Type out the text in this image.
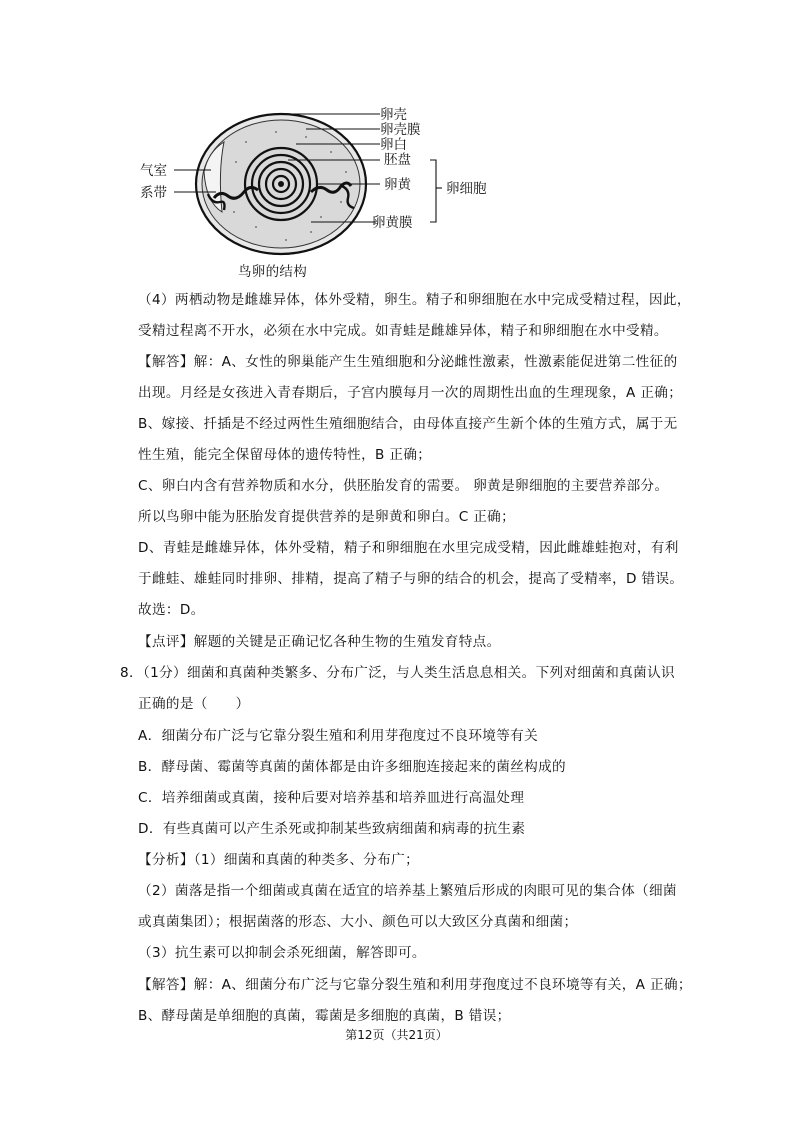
卵壳
卵壳膜
卵白
胚盘
卵黄
卵黄膜
气室
系带	卵细胞
鸟卵的结构
（4）两栖动物是雌雄异体，体外受精，卵生。精子和卵细胞在水中完成受精过程，因此，
受精过程离不开水，必须在水中完成。如青蛙是雌雄异体，精子和卵细胞在水中受精。
【解答】解：A、女性的卵巢能产生生殖细胞和分泌雌性激素，性激素能促进第二性征的
出现。月经是女孩进入青春期后，子宫内膜每月一次的周期性出血的生理现象，A 正确；
B、嫁接、扦插是不经过两性生殖细胞结合，由母体直接产生新个体的生殖方式，属于无
性生殖，能完全保留母体的遗传特性，B 正确；
C、卵白内含有营养物质和水分，供胚胎发育的需要。 卵黄是卵细胞的主要营养部分。
所以鸟卵中能为胚胎发育提供营养的是卵黄和卵白。C 正确；
D、青蛙是雌雄异体，体外受精，精子和卵细胞在水里完成受精，因此雌雄蛙抱对，有利
于雌蛙、雄蛙同时排卵、排精，提高了精子与卵的结合的机会，提高了受精率，D 错误。
故选：D。
【点评】解题的关键是正确记忆各种生物的生殖发育特点。
8．（1分）细菌和真菌种类繁多、分布广泛，与人类生活息息相关。下列对细菌和真菌认识
正确的是（　　）
A．细菌分布广泛与它靠分裂生殖和利用芽孢度过不良环境等有关
B．酵母菌、霉菌等真菌的菌体都是由许多细胞连接起来的菌丝构成的
C．培养细菌或真菌，接种后要对培养基和培养皿进行高温处理
D．有些真菌可以产生杀死或抑制某些致病细菌和病毒的抗生素
【分析】（1）细菌和真菌的种类多、分布广；
（2）菌落是指一个细菌或真菌在适宜的培养基上繁殖后形成的肉眼可见的集合体（细菌
或真菌集团）；根据菌落的形态、大小、颜色可以大致区分真菌和细菌；
（3）抗生素可以抑制会杀死细菌，解答即可。
【解答】解：A、细菌分布广泛与它靠分裂生殖和利用芽孢度过不良环境等有关，A 正确；
B、酵母菌是单细胞的真菌，霉菌是多细胞的真菌，B 错误；
第12页（共21页）
